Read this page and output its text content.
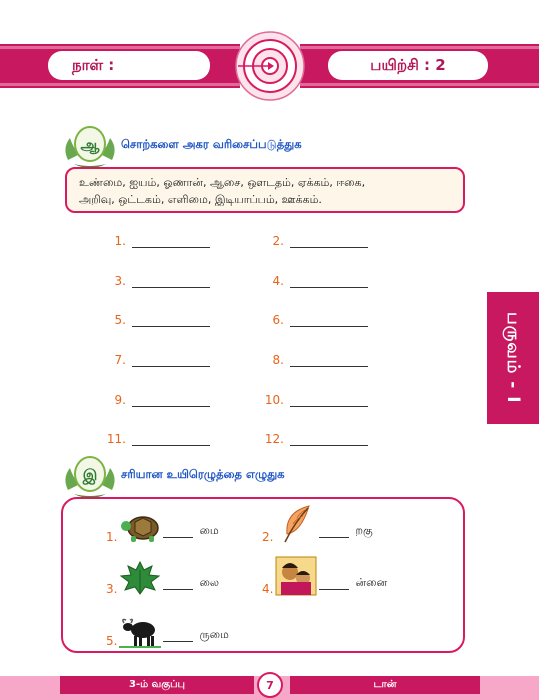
நாள் :	பயிற்சி : 2
ஆ சொற்களை அகர வரிசைப்படுத்துக
உண்மை, ஐயம், ஓணான், ஆசை, ஔடதம், ஏக்கம், ஈகை,
அறிவு, ஒட்டகம், எளிமை, இடியாப்பம், ஊக்கம்.
1.	2.
3.	4.
5.	6.
7.	8.
9.	10.
11.	12.
பருவம் - I
இ சரியான உயிரெழுத்தை எழுதுக
1.	மை	2.	றகு
3.	லை	4.	ன்னை
5.	ருமை
3-ம் வகுப்பு	டான்
7
